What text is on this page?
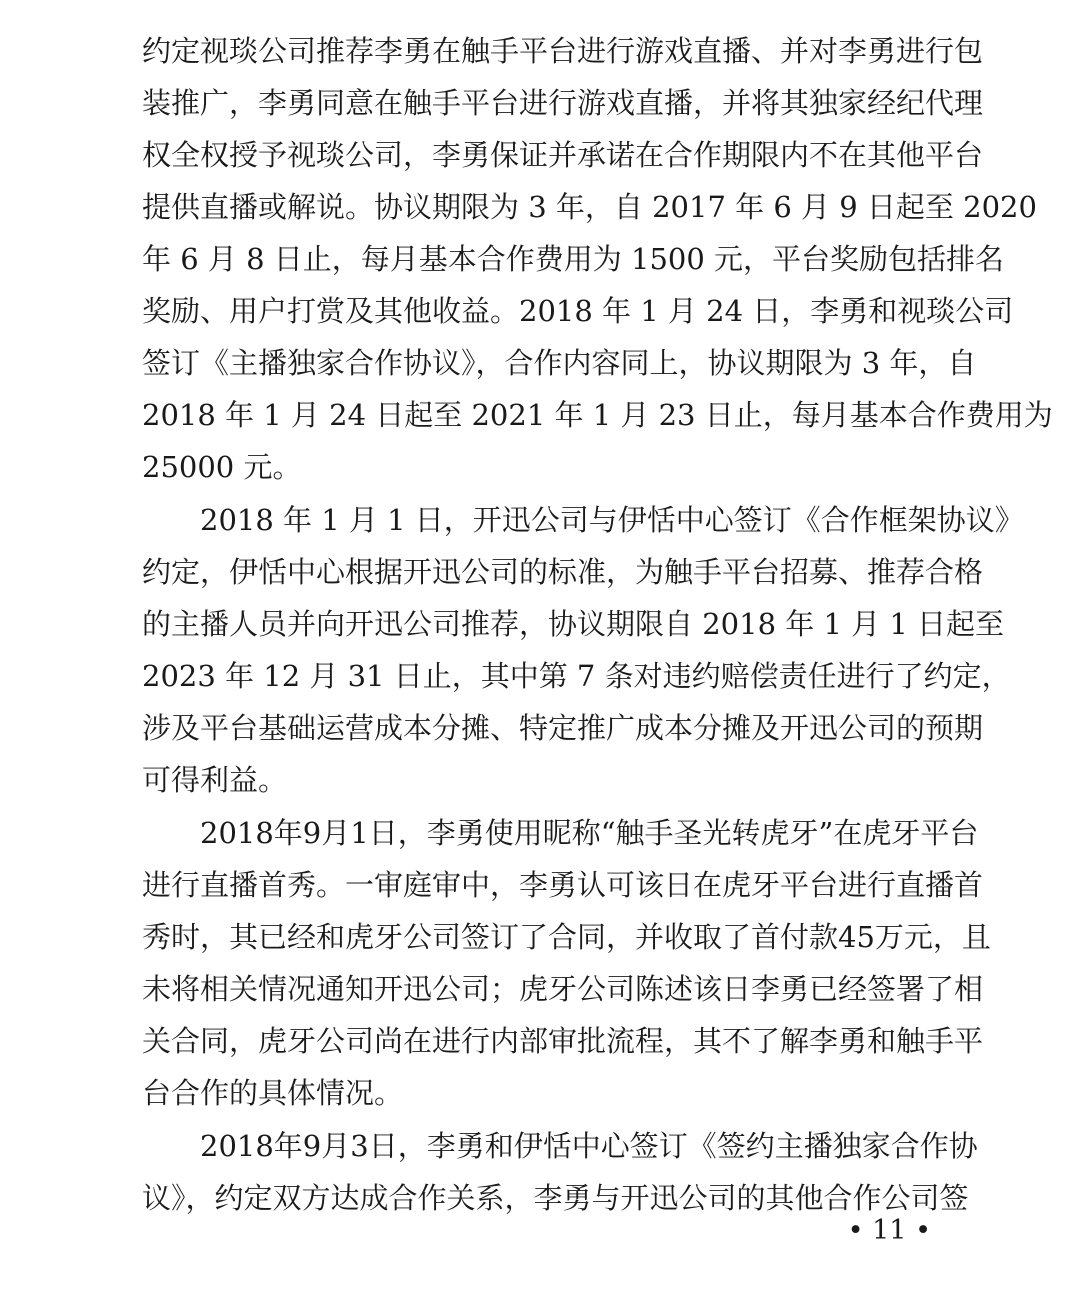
约定视琰公司推荐李勇在触手平台进行游戏直播、并对李勇进行包
装推广，李勇同意在触手平台进行游戏直播，并将其独家经纪代理
权全权授予视琰公司，李勇保证并承诺在合作期限内不在其他平台
提供直播或解说。协议期限为 3 年，自 2017 年 6 月 9 日起至 2020
年 6 月 8 日止，每月基本合作费用为 1500 元，平台奖励包括排名
奖励、用户打赏及其他收益。2018 年 1 月 24 日，李勇和视琰公司
签订《主播独家合作协议》，合作内容同上，协议期限为 3 年，自
2018 年 1 月 24 日起至 2021 年 1 月 23 日止，每月基本合作费用为
25000 元。
2018 年 1 月 1 日，开迅公司与伊恬中心签订《合作框架协议》
约定，伊恬中心根据开迅公司的标准，为触手平台招募、推荐合格
的主播人员并向开迅公司推荐，协议期限自 2018 年 1 月 1 日起至
2023 年 12 月 31 日止，其中第 7 条对违约赔偿责任进行了约定，
涉及平台基础运营成本分摊、特定推广成本分摊及开迅公司的预期
可得利益。
2018年9月1日，李勇使用昵称“触手圣光转虎牙”在虎牙平台
进行直播首秀。一审庭审中，李勇认可该日在虎牙平台进行直播首
秀时，其已经和虎牙公司签订了合同，并收取了首付款45万元，且
未将相关情况通知开迅公司；虎牙公司陈述该日李勇已经签署了相
关合同，虎牙公司尚在进行内部审批流程，其不了解李勇和触手平
台合作的具体情况。
2018年9月3日，李勇和伊恬中心签订《签约主播独家合作协
议》，约定双方达成合作关系，李勇与开迅公司的其他合作公司签
• 11 •
